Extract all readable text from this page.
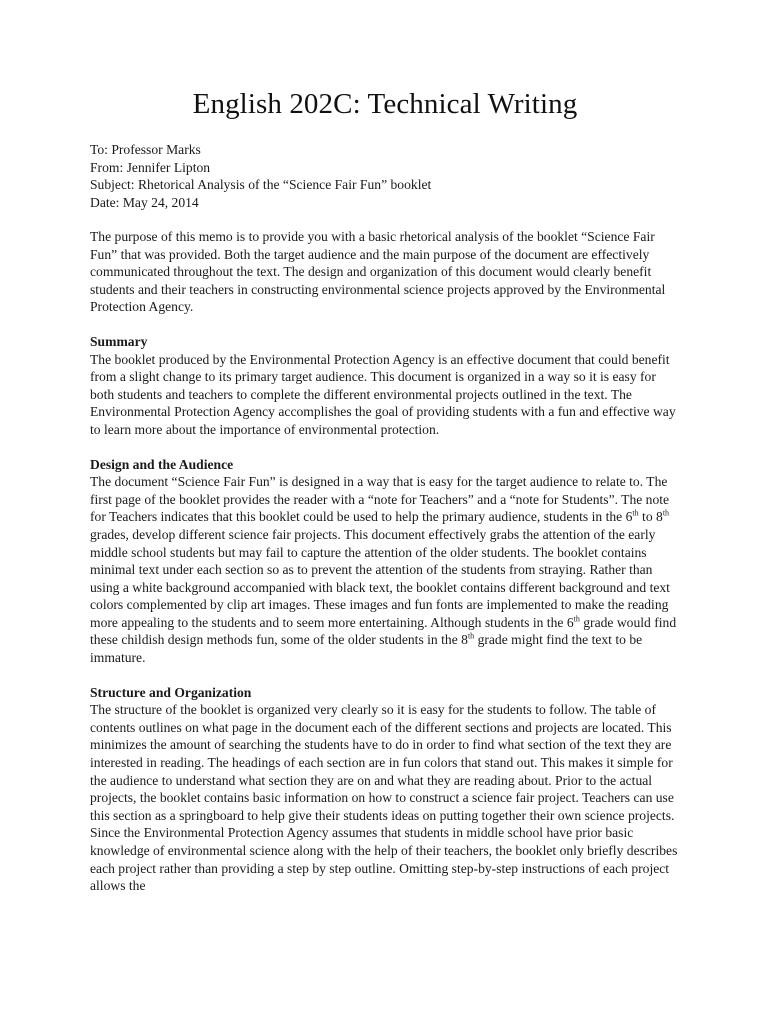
English 202C: Technical Writing
To: Professor Marks
From: Jennifer Lipton
Subject: Rhetorical Analysis of the “Science Fair Fun” booklet
Date: May 24, 2014

The purpose of this memo is to provide you with a basic rhetorical analysis of the booklet “Science Fair Fun” that was provided. Both the target audience and the main purpose of the document are effectively communicated throughout the text. The design and organization of this document would clearly benefit students and their teachers in constructing environmental science projects approved by the Environmental Protection Agency.

Summary

The booklet produced by the Environmental Protection Agency is an effective document that could benefit from a slight change to its primary target audience. This document is organized in a way so it is easy for both students and teachers to complete the different environmental projects outlined in the text. The Environmental Protection Agency accomplishes the goal of providing students with a fun and effective way to learn more about the importance of environmental protection.

Design and the Audience

The document “Science Fair Fun” is designed in a way that is easy for the target audience to relate to. The first page of the booklet provides the reader with a “note for Teachers” and a “note for Students”. The note for Teachers indicates that this booklet could be used to help the primary audience, students in the 6th to 8th grades, develop different science fair projects. This document effectively grabs the attention of the early middle school students but may fail to capture the attention of the older students. The booklet contains minimal text under each section so as to prevent the attention of the students from straying. Rather than using a white background accompanied with black text, the booklet contains different background and text colors complemented by clip art images. These images and fun fonts are implemented to make the reading more appealing to the students and to seem more entertaining. Although students in the 6th grade would find these childish design methods fun, some of the older students in the 8th grade might find the text to be immature.

Structure and Organization

The structure of the booklet is organized very clearly so it is easy for the students to follow. The table of contents outlines on what page in the document each of the different sections and projects are located. This minimizes the amount of searching the students have to do in order to find what section of the text they are interested in reading. The headings of each section are in fun colors that stand out. This makes it simple for the audience to understand what section they are on and what they are reading about. Prior to the actual projects, the booklet contains basic information on how to construct a science fair project. Teachers can use this section as a springboard to help give their students ideas on putting together their own science projects. Since the Environmental Protection Agency assumes that students in middle school have prior basic knowledge of environmental science along with the help of their teachers, the booklet only briefly describes each project rather than providing a step by step outline. Omitting step-by-step instructions of each project allows the
